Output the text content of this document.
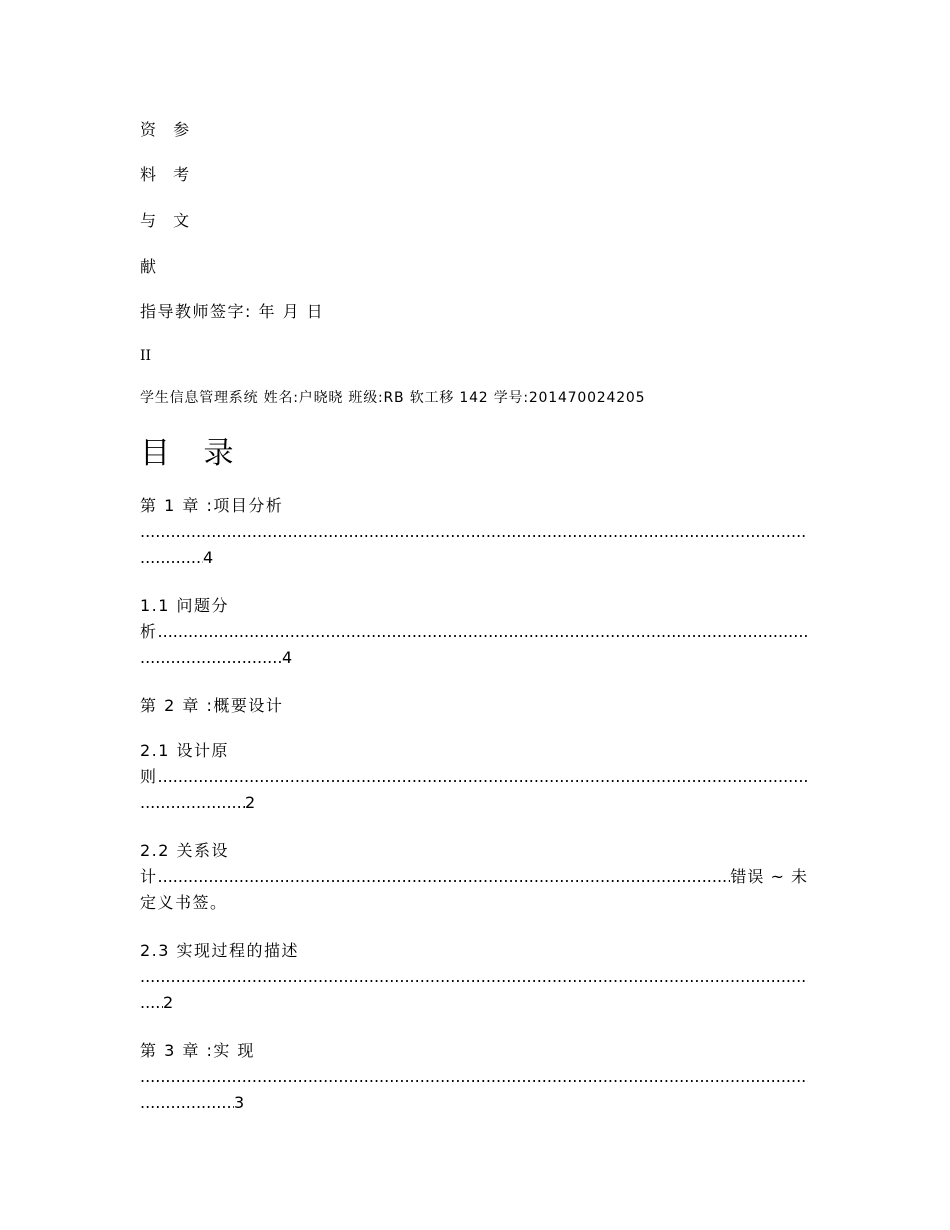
资 参
料 考
与 文
献
指导教师签字: 年 月 日
II
学生信息管理系统 姓名:户晓晓 班级:RB 软工移 142 学号:201470024205
目 录
第 1 章 :项目分析
.....
.....
4
1.1 问题分
析
.....
.....
4
第 2 章 :概要设计
2.1 设计原
则
.....
.....
2
2.2 关系设
计
.....	错误 ~ 未
定义书签。
2.3 实现过程的描述
.....
.....
2
第 3 章 :实 现
.....
.....
3
